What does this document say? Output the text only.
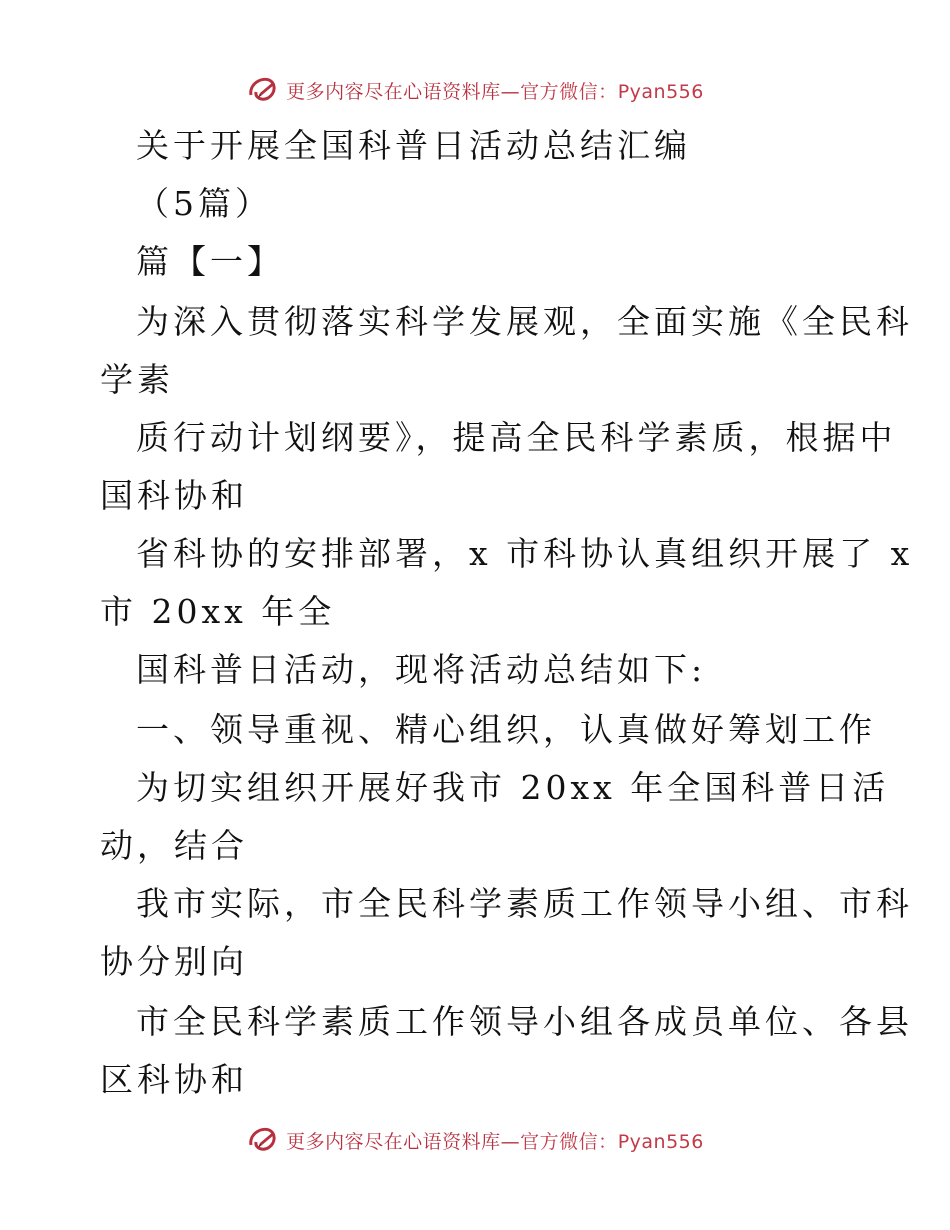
更多内容尽在心语资料库—官方微信：Pyan556
关于开展全国科普日活动总结汇编
（5篇）
篇【一】
为深入贯彻落实科学发展观，全面实施《全民科
学素
质行动计划纲要》，提高全民科学素质，根据中
国科协和
省科协的安排部署，x 市科协认真组织开展了 x
市 20xx 年全
国科普日活动，现将活动总结如下:
一、领导重视、精心组织，认真做好筹划工作
为切实组织开展好我市 20xx 年全国科普日活
动，结合
我市实际，市全民科学素质工作领导小组、市科
协分别向
市全民科学素质工作领导小组各成员单位、各县
区科协和
更多内容尽在心语资料库—官方微信：Pyan556
